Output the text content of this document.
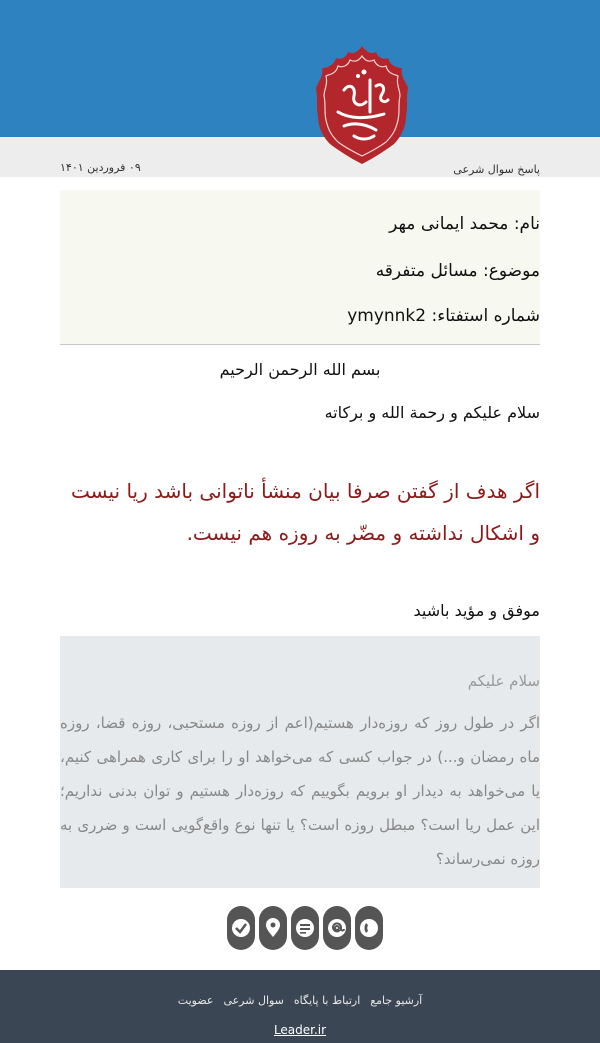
۰۹ فروردین ۱۴۰۱	پاسخ سوال شرعی
نام: محمد ایمانی مهر
موضوع: مسائل متفرقه
شماره استفتاء: ymynnk2
بسم الله الرحمن الرحیم
سلام علیکم و رحمة الله و برکاته
اگر هدف از گفتن صرفا بیان منشأ ناتوانی باشد ریا نیست و اشکال نداشته و مضّر به روزه هم نیست.
موفق و مؤید باشید
سلام علیکم
اگر در طول روز که روزه‌دار هستیم(اعم از روزه مستحبی، روزه قضا، روزه ماه رمضان و...) در جواب کسی که می‌خواهد او را برای کاری همراهی کنیم، یا می‌خواهد به دیدار او برویم بگوییم که روزه‌دار هستیم و توان بدنی نداریم؛ این عمل ریا است؟ مبطل روزه است؟ یا تنها نوع واقع‌گویی است و ضرری به روزه نمی‌رساند؟
آرشیو جامع
ارتباط با پایگاه
سوال شرعی
عضویت
Leader.ir
